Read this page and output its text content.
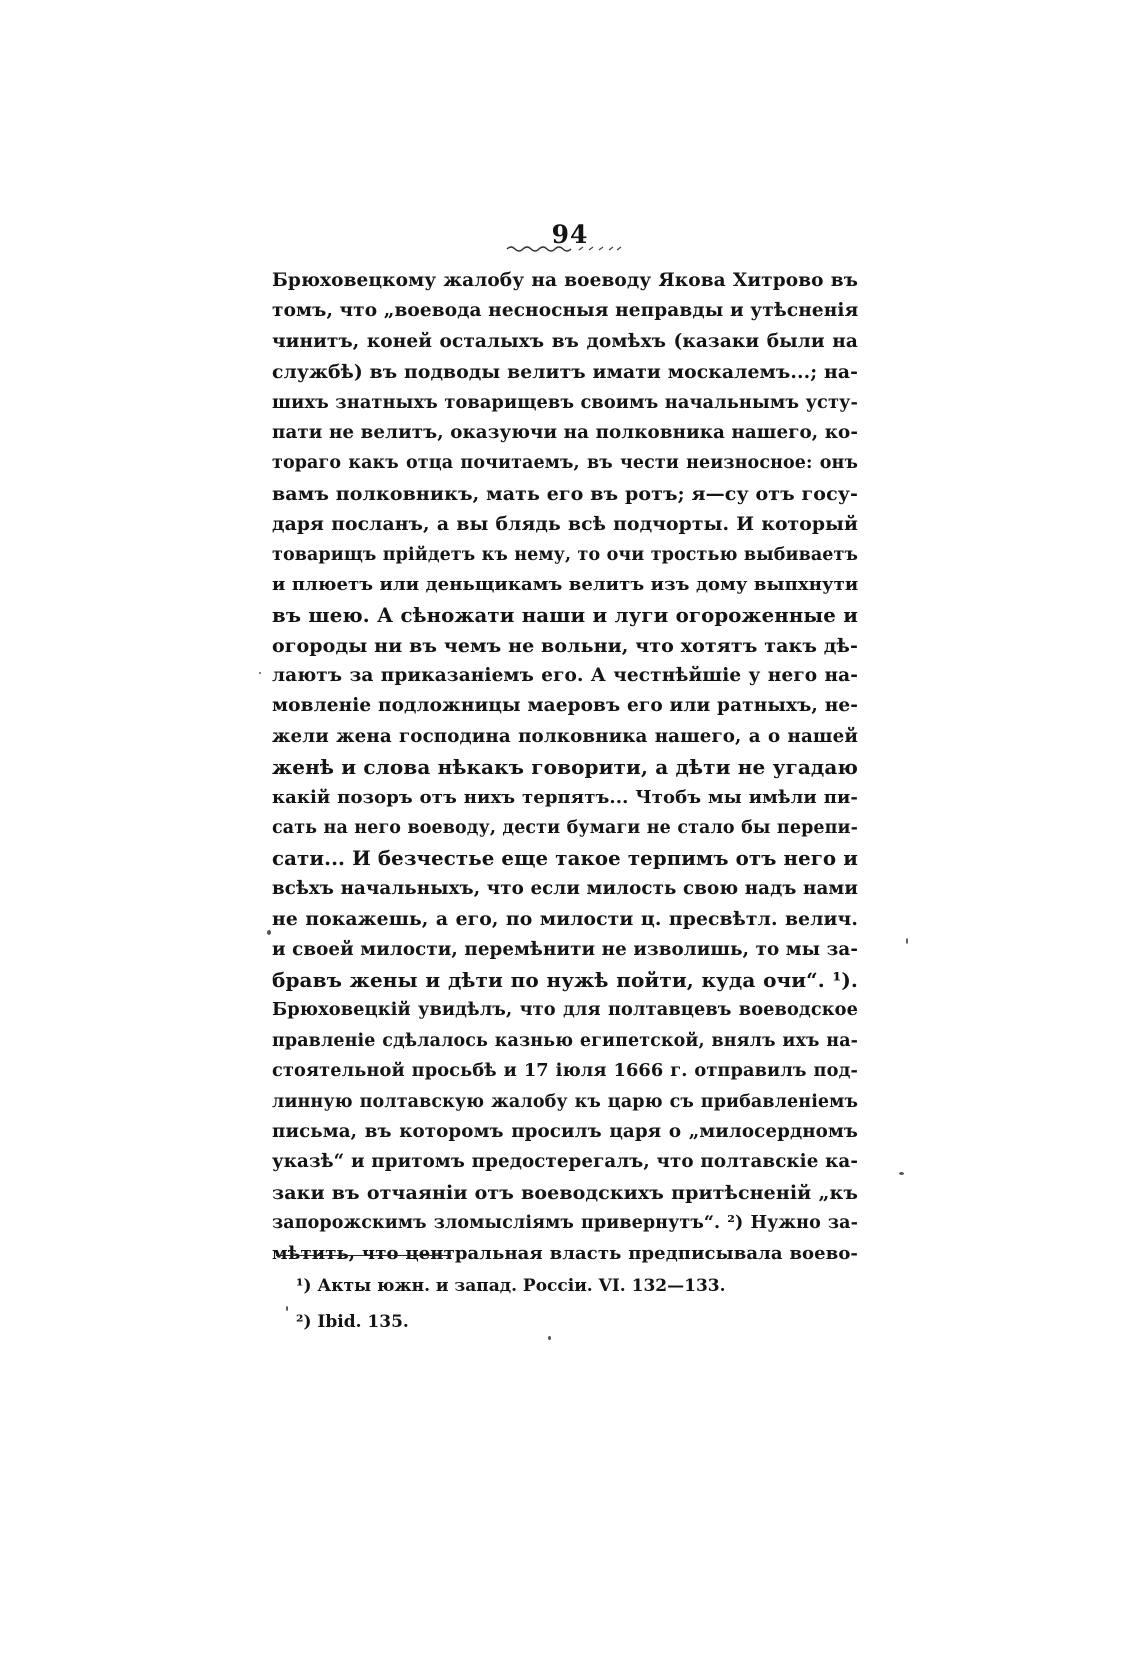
94
Брюховецкому жалобу на воеводу Якова Хитрово въ
томъ, что „воевода несносныя неправды и утѣсненія
чинитъ, коней осталыхъ въ домѣхъ (казаки были на
службѣ) въ подводы велитъ имати москалемъ...; на-
шихъ знатныхъ товарищевъ своимъ начальнымъ усту-
пати не велитъ, оказуючи на полковника нашего, ко-
тораго какъ отца почитаемъ, въ чести неизносное: онъ
вамъ полковникъ, мать его въ ротъ; я—су отъ госу-
даря посланъ, а вы блядь всѣ подчорты. И который
товарищъ прійдетъ къ нему, то очи тростью выбиваетъ
и плюетъ или деньщикамъ велитъ изъ дому выпхнути
въ шею. А сѣножати наши и луги огороженные и
огороды ни въ чемъ не вольни, что хотятъ такъ дѣ-
лаютъ за приказаніемъ его. А честнѣйшіе у него на-
мовленіе подложницы маеровъ его или ратныхъ, не-
жели жена господина полковника нашего, а о нашей
женѣ и слова нѣкакъ говорити, а дѣти не угадаю
какій позоръ отъ нихъ терпятъ... Чтобъ мы имѣли пи-
сать на него воеводу, дести бумаги не стало бы перепи-
сати... И безчестье еще такое терпимъ отъ него и
всѣхъ начальныхъ, что если милость свою надъ нами
не покажешь, а его, по милости ц. пресвѣтл. велич.
и своей милости, перемѣнити не изволишь, то мы за-
бравъ жены и дѣти по нужѣ пойти, куда очи“. ¹).
Брюховецкій увидѣлъ, что для полтавцевъ воеводское
правленіе сдѣлалось казнью египетской, внялъ ихъ на-
стоятельной просьбѣ и 17 іюля 1666 г. отправилъ под-
линную полтавскую жалобу къ царю съ прибавленіемъ
письма, въ которомъ просилъ царя о „милосердномъ
указѣ“ и притомъ предостерегалъ, что полтавскіе ка-
заки въ отчаяніи отъ воеводскихъ притѣсненій „къ
запорожскимъ зломысліямъ привернутъ“. ²) Нужно за-
мѣтить, что центральная власть предписывала воево-
¹) Акты южн. и запад. Россіи. VI. 132—133.
²) Ibid. 135.
